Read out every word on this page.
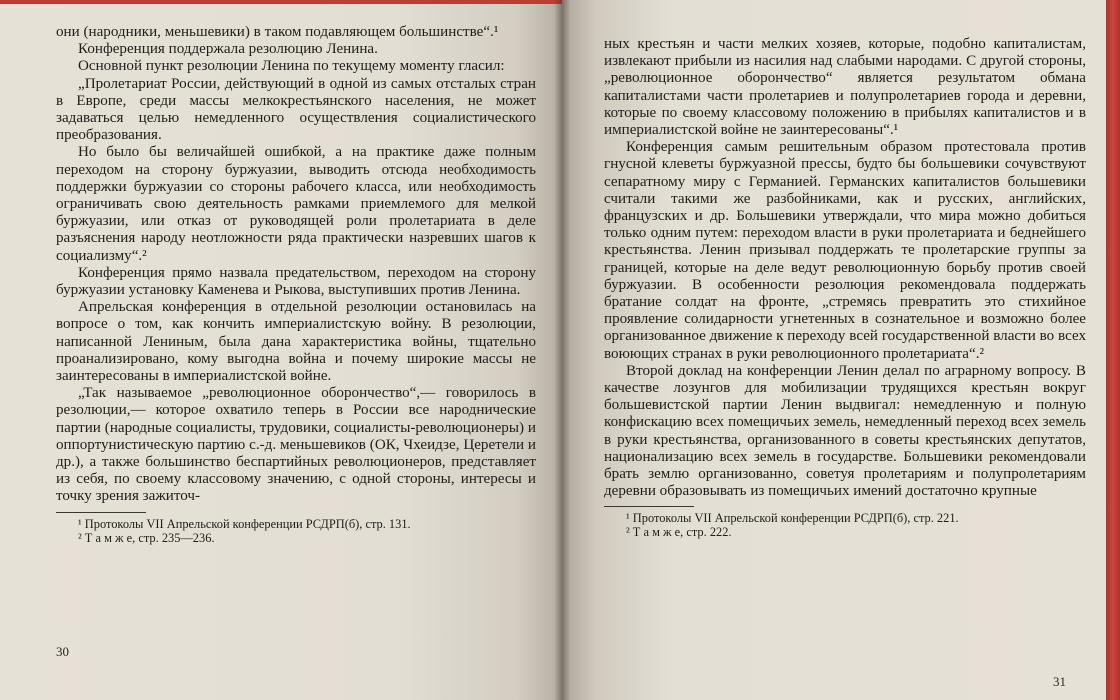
они (народники, меньшевики) в таком подавляющем большинстве“.¹

Конференция поддержала резолюцию Ленина.

Основной пункт резолюции Ленина по текущему моменту гласил:

„Пролетариат России, действующий в одной из самых отсталых стран в Европе, среди массы мелкокрестьянского населения, не может задаваться целью немедленного осуществления социалистического преобразования.

Но было бы величайшей ошибкой, а на практике даже полным переходом на сторону буржуазии, выводить отсюда необходимость поддержки буржуазии со стороны рабочего класса, или необходимость ограничивать свою деятельность рамками приемлемого для мелкой буржуазии, или отказ от руководящей роли пролетариата в деле разъяснения народу неотложности ряда практически назревших шагов к социализму“.²

Конференция прямо назвала предательством, переходом на сторону буржуазии установку Каменева и Рыкова, выступивших против Ленина.

Апрельская конференция в отдельной резолюции остановилась на вопросе о том, как кончить империалистскую войну. В резолюции, написанной Лениным, была дана характеристика войны, тщательно проанализировано, кому выгодна война и почему широкие массы не заинтересованы в империалистской войне.

„Так называемое „революционное оборончество“,— говорилось в резолюции,— которое охватило теперь в России все народнические партии (народные социалисты, трудовики, социалисты-революционеры) и оппортунистическую партию с.-д. меньшевиков (ОК, Чхеидзе, Церетели и др.), а также большинство беспартийных революционеров, представляет из себя, по своему классовому значению, с одной стороны, интересы и точку зрения зажиточ-

¹ Протоколы VII Апрельской конференции РСДРП(б), стр. 131.
² Т а м ж е, стр. 235—236.
30

ных крестьян и части мелких хозяев, которые, подобно капиталистам, извлекают прибыли из насилия над слабыми народами. С другой стороны, „революционное оборончество“ является результатом обмана капиталистами части пролетариев и полупролетариев города и деревни, которые по своему классовому положению в прибылях капиталистов и в империалистской войне не заинтересованы“.¹

Конференция самым решительным образом протестовала против гнусной клеветы буржуазной прессы, будто бы большевики сочувствуют сепаратному миру с Германией. Германских капиталистов большевики считали такими же разбойниками, как и русских, английских, французских и др. Большевики утверждали, что мира можно добиться только одним путем: переходом власти в руки пролетариата и беднейшего крестьянства. Ленин призывал поддержать те пролетарские группы за границей, которые на деле ведут революционную борьбу против своей буржуазии. В особенности резолюция рекомендовала поддержать братание солдат на фронте, „стремясь превратить это стихийное проявление солидарности угнетенных в сознательное и возможно более организованное движение к переходу всей государственной власти во всех воюющих странах в руки революционного пролетариата“.²

Второй доклад на конференции Ленин делал по аграрному вопросу. В качестве лозунгов для мобилизации трудящихся крестьян вокруг большевистской партии Ленин выдвигал: немедленную и полную конфискацию всех помещичьих земель, немедленный переход всех земель в руки крестьянства, организованного в советы крестьянских депутатов, национализацию всех земель в государстве. Большевики рекомендовали брать землю организованно, советуя пролетариям и полупролетариям деревни образовывать из помещичьих имений достаточно крупные

¹ Протоколы VII Апрельской конференции РСДРП(б), стр. 221.
² Т а м ж е, стр. 222.
31
